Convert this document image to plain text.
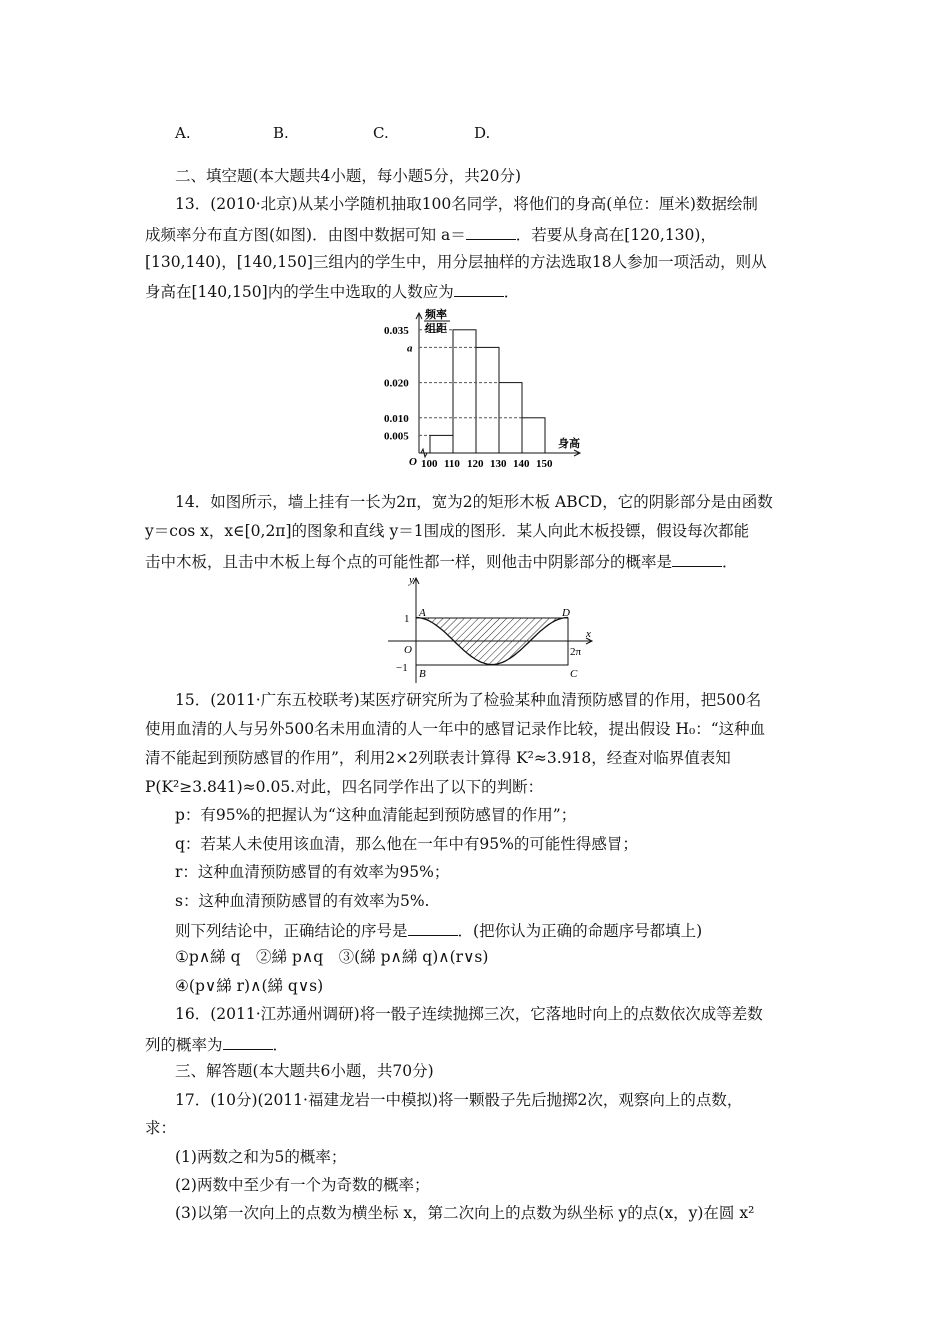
A.	B.	C.	D.
二、填空题(本大题共4小题，每小题5分，共20分)
13．(2010·北京)从某小学随机抽取100名同学，将他们的身高(单位：厘米)数据绘制
成频率分布直方图(如图)．由图中数据可知 a＝	．若要从身高在[120,130)，
[130,140)，[140,150]三组内的学生中，用分层抽样的方法选取18人参加一项活动，则从
身高在[140,150]内的学生中选取的人数应为	．
0.005
0.010
0.020
a
0.035
100 110 120 130 140 150
O
频率
组距
身高
14．如图所示，墙上挂有一长为2π，宽为2的矩形木板 ABCD，它的阴影部分是由函数
y＝cos x，x∈[0,2π]的图象和直线 y＝1围成的图形．某人向此木板投镖，假设每次都能
击中木板，且击中木板上每个点的可能性都一样，则他击中阴影部分的概率是	．
y
x
A
B	C
D
O
1
−1
2π
15．(2011·广东五校联考)某医疗研究所为了检验某种血清预防感冒的作用，把500名
使用血清的人与另外500名未用血清的人一年中的感冒记录作比较，提出假设 H₀：“这种血
清不能起到预防感冒的作用”，利用2×2列联表计算得 K²≈3.918，经查对临界值表知
P(K²≥3.841)≈0.05.对此，四名同学作出了以下的判断：
p：有95%的把握认为“这种血清能起到预防感冒的作用”；
q：若某人未使用该血清，那么他在一年中有95%的可能性得感冒；
r：这种血清预防感冒的有效率为95%；
s：这种血清预防感冒的有效率为5%.
则下列结论中，正确结论的序号是	．(把你认为正确的命题序号都填上)
①p∧綈 q　②綈 p∧q　③(綈 p∧綈 q)∧(r∨s)
④(p∨綈 r)∧(綈 q∨s)
16．(2011·江苏通州调研)将一骰子连续抛掷三次，它落地时向上的点数依次成等差数
列的概率为	．
三、解答题(本大题共6小题，共70分)
17．(10分)(2011·福建龙岩一中模拟)将一颗骰子先后抛掷2次，观察向上的点数，
求：
(1)两数之和为5的概率；
(2)两数中至少有一个为奇数的概率；
(3)以第一次向上的点数为横坐标 x，第二次向上的点数为纵坐标 y的点(x，y)在圆 x²
